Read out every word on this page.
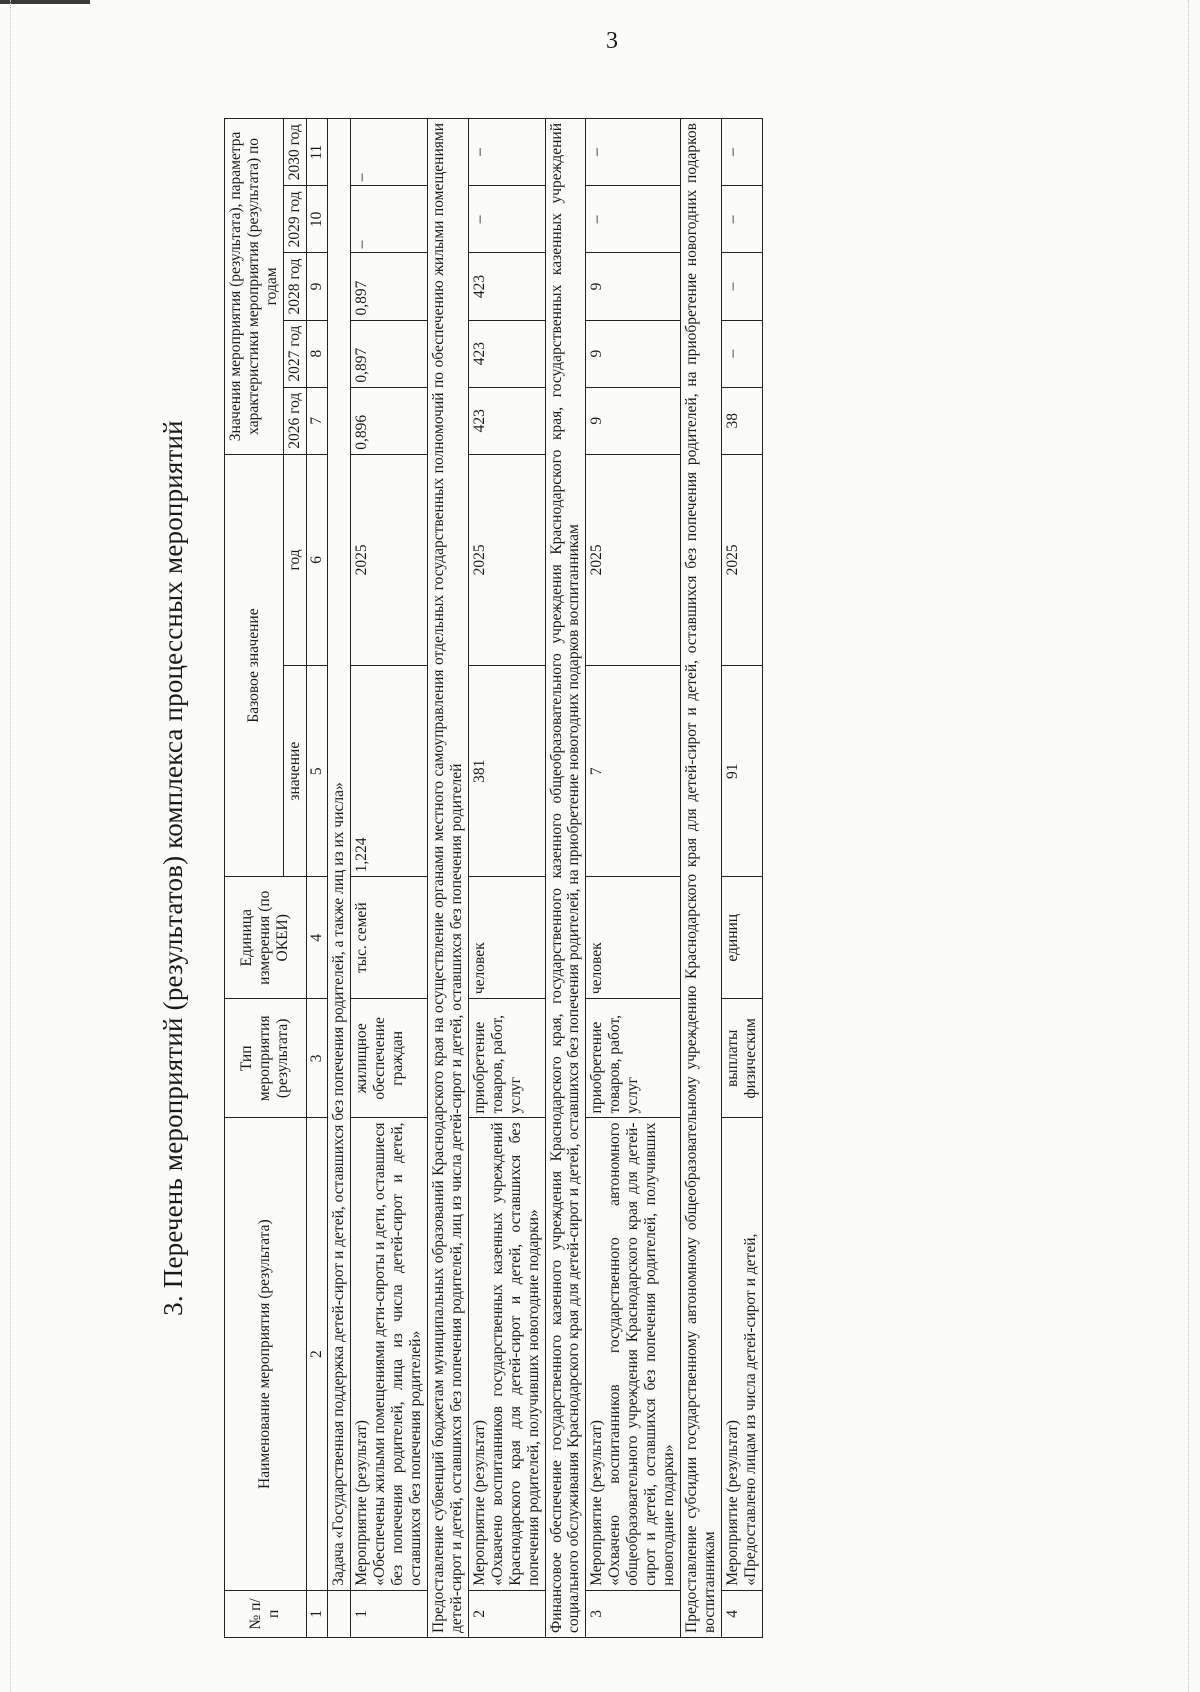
3
3. Перечень мероприятий (результатов) комплекса процессных мероприятий
№ п/п	Наименование мероприятия (результата)	Тип мероприятия (результата)	Единица измерения (по ОКЕИ)	Базовое значение		Значения мероприятия (результата), параметра характеристики мероприятия (результата) по годам				
				значение	год	2026 год	2027 год	2028 год	2029 год	2030 год
1	2	3	4	5	6	7	8	9	10	11
	Задача «Государственная поддержка детей-сирот и детей, оставшихся без попечения родителей, а также лиц из их числа»									
1	Мероприятие (результат) «Обеспечены жилыми помещениями дети-сироты и дети, оставшиеся без попечения родителей, лица из числа детей-сирот и детей, оставшихся без попечения родителей»	жилищное обеспечение граждан	тыс. семей	1,224	2025	0,896	0,897	0,897	–	–
Предоставление субвенций бюджетам муниципальных образований Краснодарского края на осуществление органами местного самоуправления отдельных государственных полномочий по обеспечению жилыми помещениями детей-сирот и детей, оставшихся без попечения родителей, лиц из числа детей-сирот и детей, оставшихся без попечения родителей										
2	Мероприятие (результат) «Охвачено воспитанников государственных казенных учреждений Краснодарского края для детей-сирот и детей, оставшихся без попечения родителей, получивших новогодние подарки»	приобретение товаров, работ, услуг	человек	381	2025	423	423	423	–	–
Финансовое обеспечение государственного казенного учреждения Краснодарского края, государственного казенного общеобразовательного учреждения Краснодарского края, государственных казенных учреждений социального обслуживания Краснодарского края для детей-сирот и детей, оставшихся без попечения родителей, на приобретение новогодних подарков воспитанникам										
3	Мероприятие (результат) «Охвачено воспитанников государственного автономного общеобразовательного учреждения Краснодарского края для детей-сирот и детей, оставшихся без попечения родителей, получивших новогодние подарки»	приобретение товаров, работ, услуг	человек	7	2025	9	9	9	–	–
Предоставление субсидии государственному автономному общеобразовательному учреждению Краснодарского края для детей-сирот и детей, оставшихся без попечения родителей, на приобретение новогодних подарков воспитанникам										
4	Мероприятие (результат) «Предоставлено лицам из числа детей-сирот и детей,	выплаты физическим	единиц	91	2025	38	–	–	–	–
